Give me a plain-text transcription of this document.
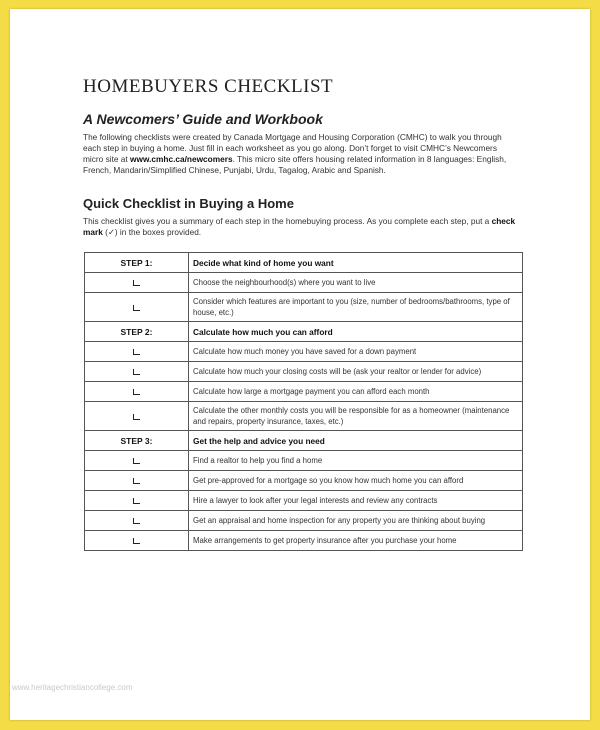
HOMEBUYERS CHECKLIST
A Newcomers’ Guide and Workbook
The following checklists were created by Canada Mortgage and Housing Corporation (CMHC) to walk you through each step in buying a home. Just fill in each worksheet as you go along. Don’t forget to visit CMHC’s Newcomers micro site at www.cmhc.ca/newcomers. This micro site offers housing related information in 8 languages: English, French, Mandarin/Simplified Chinese, Punjabi, Urdu, Tagalog, Arabic and Spanish.
Quick Checklist in Buying a Home
This checklist gives you a summary of each step in the homebuying process. As you complete each step, put a check mark (✓) in the boxes provided.
STEP 1:	Decide what kind of home you want
	Choose the neighbourhood(s) where you want to live
	Consider which features are important to you (size, number of bedrooms/bathrooms, type of house, etc.)
STEP 2:	Calculate how much you can afford
	Calculate how much money you have saved for a down payment
	Calculate how much your closing costs will be (ask your realtor or lender for advice)
	Calculate how large a mortgage payment you can afford each month
	Calculate the other monthly costs you will be responsible for as a homeowner (maintenance and repairs, property insurance, taxes, etc.)
STEP 3:	Get the help and advice you need
	Find a realtor to help you find a home
	Get pre-approved for a mortgage so you know how much home you can afford
	Hire a lawyer to look after your legal interests and review any contracts
	Get an appraisal and home inspection for any property you are thinking about buying
	Make arrangements to get property insurance after you purchase your home
www.heritagechristiancollege.com
